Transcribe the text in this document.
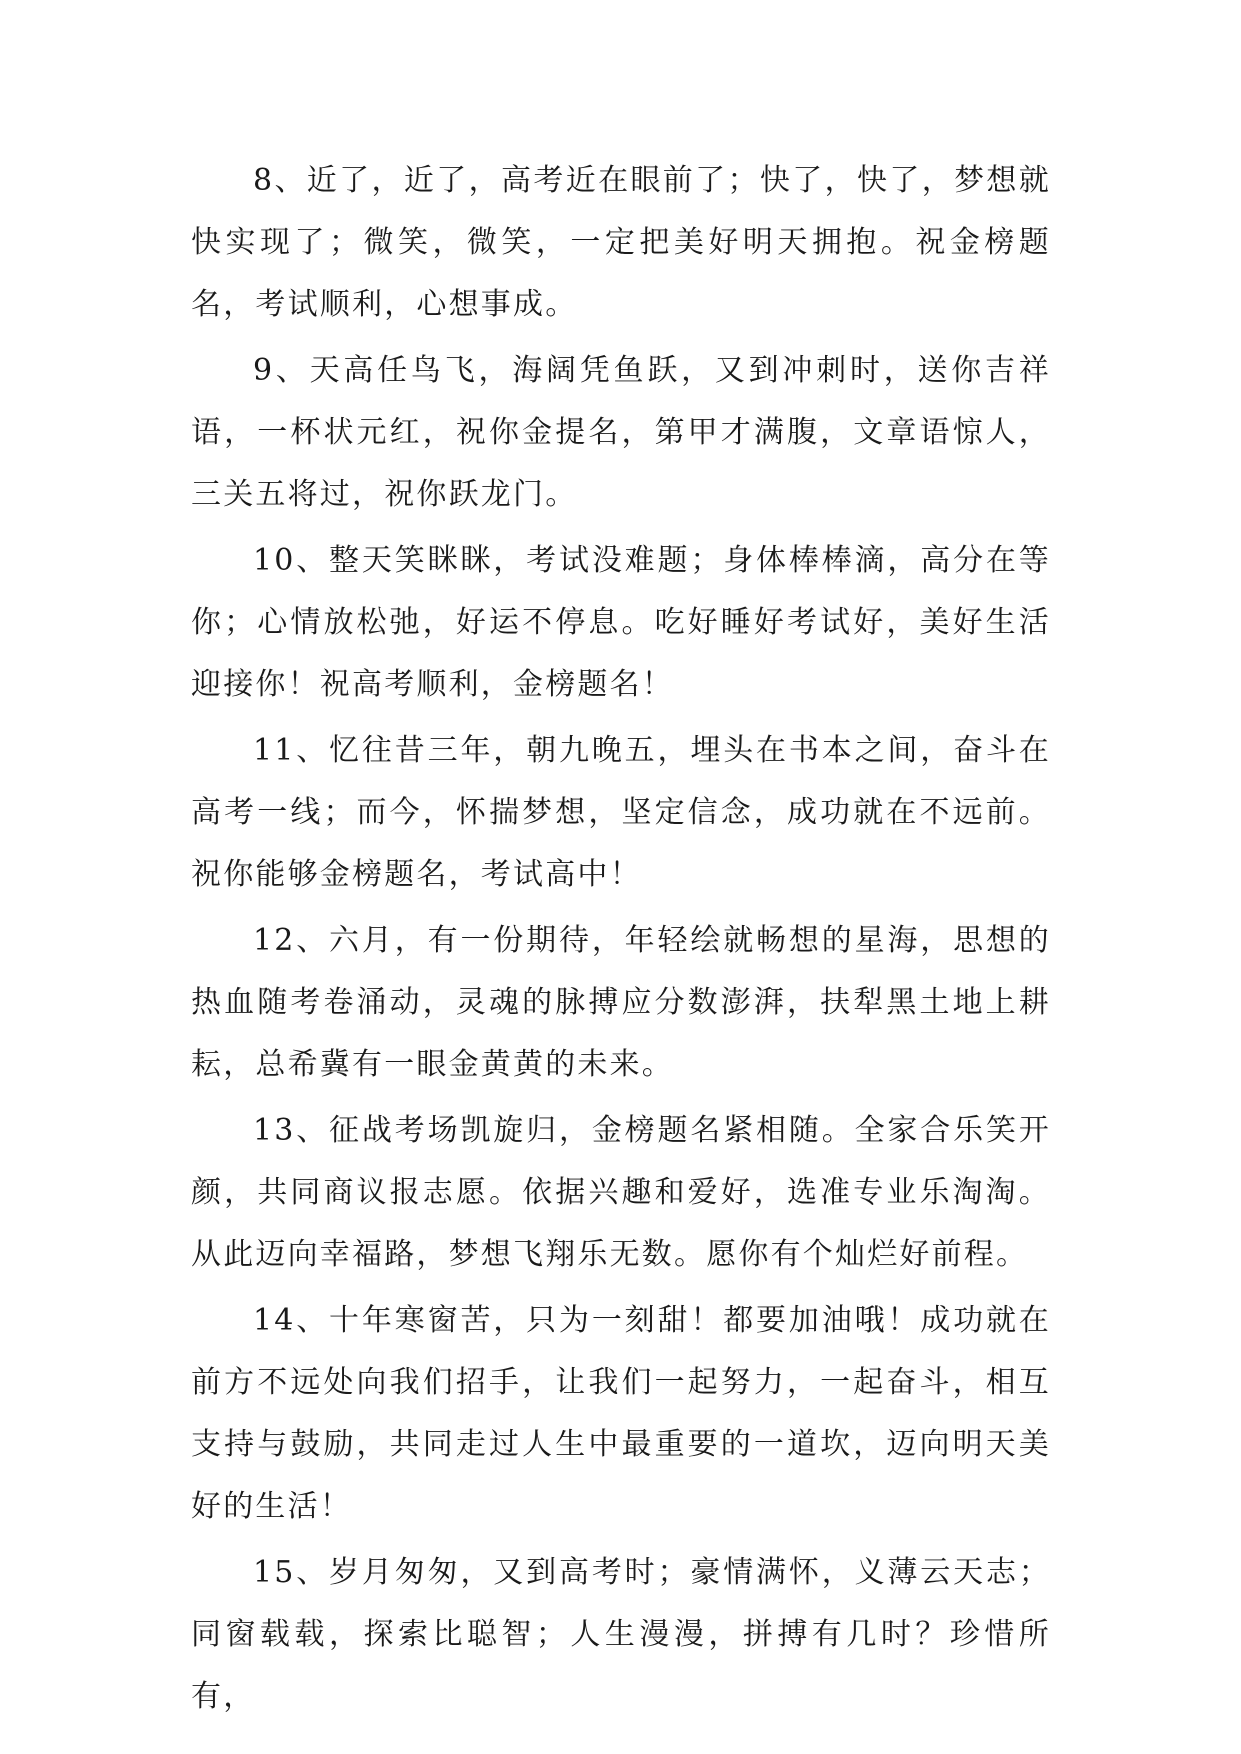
8、近了，近了，高考近在眼前了；快了，快了，梦想就快实现了；微笑，微笑，一定把美好明天拥抱。祝金榜题名，考试顺利，心想事成。

9、天高任鸟飞，海阔凭鱼跃，又到冲刺时，送你吉祥语，一杯状元红，祝你金提名，第甲才满腹，文章语惊人，三关五将过，祝你跃龙门。

10、整天笑眯眯，考试没难题；身体棒棒滴，高分在等你；心情放松弛，好运不停息。吃好睡好考试好，美好生活迎接你！祝高考顺利，金榜题名！

11、忆往昔三年，朝九晚五，埋头在书本之间，奋斗在高考一线；而今，怀揣梦想，坚定信念，成功就在不远前。祝你能够金榜题名，考试高中！

12、六月，有一份期待，年轻绘就畅想的星海，思想的热血随考卷涌动，灵魂的脉搏应分数澎湃，扶犁黑土地上耕耘，总希冀有一眼金黄黄的未来。

13、征战考场凯旋归，金榜题名紧相随。全家合乐笑开颜，共同商议报志愿。依据兴趣和爱好，选准专业乐淘淘。从此迈向幸福路，梦想飞翔乐无数。愿你有个灿烂好前程。

14、十年寒窗苦，只为一刻甜！都要加油哦！成功就在前方不远处向我们招手，让我们一起努力，一起奋斗，相互支持与鼓励，共同走过人生中最重要的一道坎，迈向明天美好的生活！

15、岁月匆匆，又到高考时；豪情满怀，义薄云天志；同窗载载，探索比聪智；人生漫漫，拼搏有几时？珍惜所有，
